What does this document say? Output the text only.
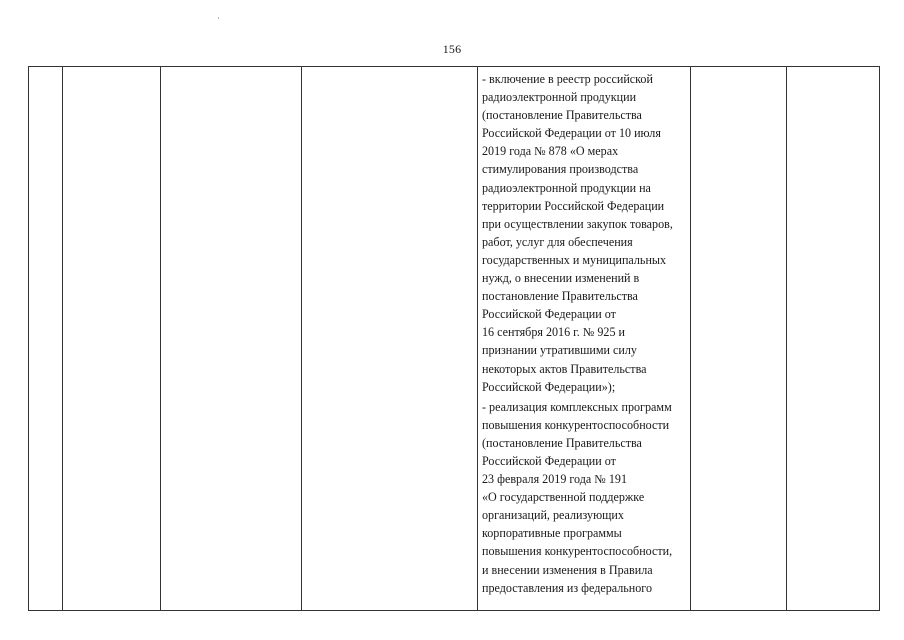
156
- включение в реестр российской
радиоэлектронной продукции
(постановление Правительства
Российской Федерации от 10 июля
2019 года № 878 «О мерах
стимулирования производства
радиоэлектронной продукции на
территории Российской Федерации
при осуществлении закупок товаров,
работ, услуг для обеспечения
государственных и муниципальных
нужд, о внесении изменений в
постановление Правительства
Российской Федерации от
16 сентября 2016 г. № 925 и
признании утратившими силу
некоторых актов Правительства
Российской Федерации»);
- реализация комплексных программ
повышения конкурентоспособности
(постановление Правительства
Российской Федерации от
23 февраля 2019 года № 191
«О государственной поддержке
организаций, реализующих
корпоративные программы
повышения конкурентоспособности,
и внесении изменения в Правила
предоставления из федерального
